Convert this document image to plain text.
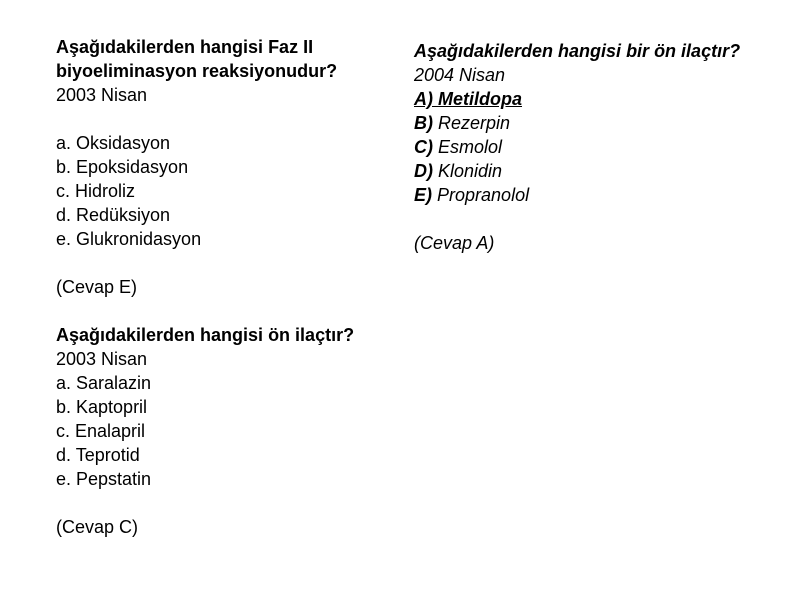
Aşağıdakilerden hangisi Faz II biyoeliminasyon reaksiyonudur?
2003 Nisan
a. Oksidasyon
b. Epoksidasyon
c. Hidroliz
d. Redüksiyon
e. Glukronidasyon
(Cevap E)
Aşağıdakilerden hangisi ön ilaçtır?
2003 Nisan
a. Saralazin
b. Kaptopril
c. Enalapril
d. Teprotid
e. Pepstatin
(Cevap C)
Aşağıdakilerden hangisi bir ön ilaçtır?
2004 Nisan
A) Metildopa
B) Rezerpin
C) Esmolol
D) Klonidin
E) Propranolol
(Cevap A)
